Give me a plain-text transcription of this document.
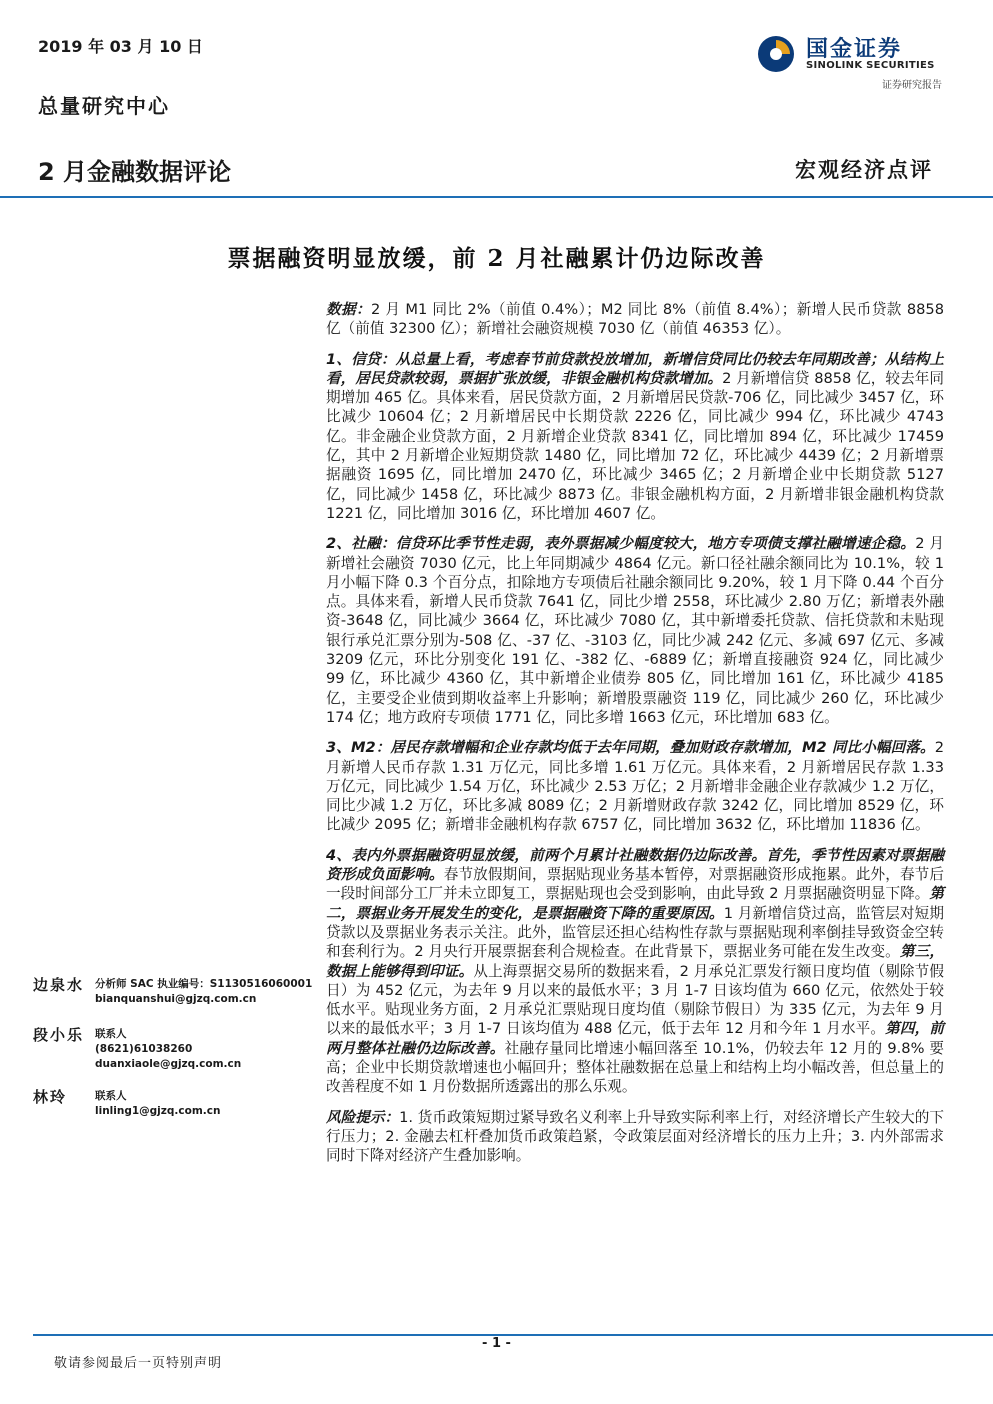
2019 年 03 月 10 日
总量研究中心
2 月金融数据评论	宏观经济点评
国金证券
SINOLINK SECURITIES
证券研究报告
票据融资明显放缓，前 2 月社融累计仍边际改善

数据：2 月 M1 同比 2%（前值 0.4%）；M2 同比 8%（前值 8.4%）；新增人民币贷款 8858 亿（前值 32300 亿）；新增社会融资规模 7030 亿（前值 46353 亿）。

1、信贷：从总量上看，考虑春节前贷款投放增加，新增信贷同比仍较去年同期改善；从结构上看，居民贷款较弱，票据扩张放缓，非银金融机构贷款增加。2 月新增信贷 8858 亿，较去年同期增加 465 亿。具体来看，居民贷款方面，2 月新增居民贷款-706 亿，同比减少 3457 亿，环比减少 10604 亿；2 月新增居民中长期贷款 2226 亿，同比减少 994 亿，环比减少 4743 亿。非金融企业贷款方面，2 月新增企业贷款 8341 亿，同比增加 894 亿，环比减少 17459 亿，其中 2 月新增企业短期贷款 1480 亿，同比增加 72 亿，环比减少 4439 亿；2 月新增票据融资 1695 亿，同比增加 2470 亿，环比减少 3465 亿；2 月新增企业中长期贷款 5127 亿，同比减少 1458 亿，环比减少 8873 亿。非银金融机构方面，2 月新增非银金融机构贷款 1221 亿，同比增加 3016 亿，环比增加 4607 亿。

2、社融：信贷环比季节性走弱，表外票据减少幅度较大，地方专项债支撑社融增速企稳。2 月新增社会融资 7030 亿元，比上年同期减少 4864 亿元。新口径社融余额同比为 10.1%，较 1 月小幅下降 0.3 个百分点，扣除地方专项债后社融余额同比 9.20%，较 1 月下降 0.44 个百分点。具体来看，新增人民币贷款 7641 亿，同比少增 2558，环比减少 2.80 万亿；新增表外融资-3648 亿，同比减少 3664 亿，环比减少 7080 亿，其中新增委托贷款、信托贷款和未贴现银行承兑汇票分别为-508 亿、-37 亿、-3103 亿，同比少减 242 亿元、多减 697 亿元、多减 3209 亿元，环比分别变化 191 亿、-382 亿、-6889 亿；新增直接融资 924 亿，同比减少 99 亿，环比减少 4360 亿，其中新增企业债券 805 亿，同比增加 161 亿，环比减少 4185 亿，主要受企业债到期收益率上升影响；新增股票融资 119 亿，同比减少 260 亿，环比减少 174 亿；地方政府专项债 1771 亿，同比多增 1663 亿元，环比增加 683 亿。

3、M2：居民存款增幅和企业存款均低于去年同期，叠加财政存款增加，M2 同比小幅回落。2 月新增人民币存款 1.31 万亿元，同比多增 1.61 万亿元。具体来看，2 月新增居民存款 1.33 万亿元，同比减少 1.54 万亿，环比减少 2.53 万亿；2 月新增非金融企业存款减少 1.2 万亿，同比少减 1.2 万亿，环比多减 8089 亿；2 月新增财政存款 3242 亿，同比增加 8529 亿，环比减少 2095 亿；新增非金融机构存款 6757 亿，同比增加 3632 亿，环比增加 11836 亿。

4、表内外票据融资明显放缓，前两个月累计社融数据仍边际改善。首先，季节性因素对票据融资形成负面影响。春节放假期间，票据贴现业务基本暂停，对票据融资形成拖累。此外，春节后一段时间部分工厂并未立即复工，票据贴现也会受到影响，由此导致 2 月票据融资明显下降。第二，票据业务开展发生的变化，是票据融资下降的重要原因。1 月新增信贷过高，监管层对短期贷款以及票据业务表示关注。此外，监管层还担心结构性存款与票据贴现利率倒挂导致资金空转和套利行为。2 月央行开展票据套利合规检查。在此背景下，票据业务可能在发生改变。第三，数据上能够得到印证。从上海票据交易所的数据来看，2 月承兑汇票发行额日度均值（剔除节假日）为 452 亿元，为去年 9 月以来的最低水平；3 月 1-7 日该均值为 660 亿元，依然处于较低水平。贴现业务方面，2 月承兑汇票贴现日度均值（剔除节假日）为 335 亿元，为去年 9 月以来的最低水平；3 月 1-7 日该均值为 488 亿元，低于去年 12 月和今年 1 月水平。第四，前两月整体社融仍边际改善。社融存量同比增速小幅回落至 10.1%，仍较去年 12 月的 9.8% 要高；企业中长期贷款增速也小幅回升；整体社融数据在总量上和结构上均小幅改善，但总量上的改善程度不如 1 月份数据所透露出的那么乐观。

风险提示：1. 货币政策短期过紧导致名义利率上升导致实际利率上行，对经济增长产生较大的下行压力；2. 金融去杠杆叠加货币政策趋紧，令政策层面对经济增长的压力上升；3. 内外部需求同时下降对经济产生叠加影响。

边泉水 分析师 SAC 执业编号：S1130516060001
bianquanshui@gjzq.com.cn
段小乐 联系人
(8621)61038260
duanxiaole@gjzq.com.cn
林玲	联系人
linling1@gjzq.com.cn
- 1 -
敬请参阅最后一页特别声明
